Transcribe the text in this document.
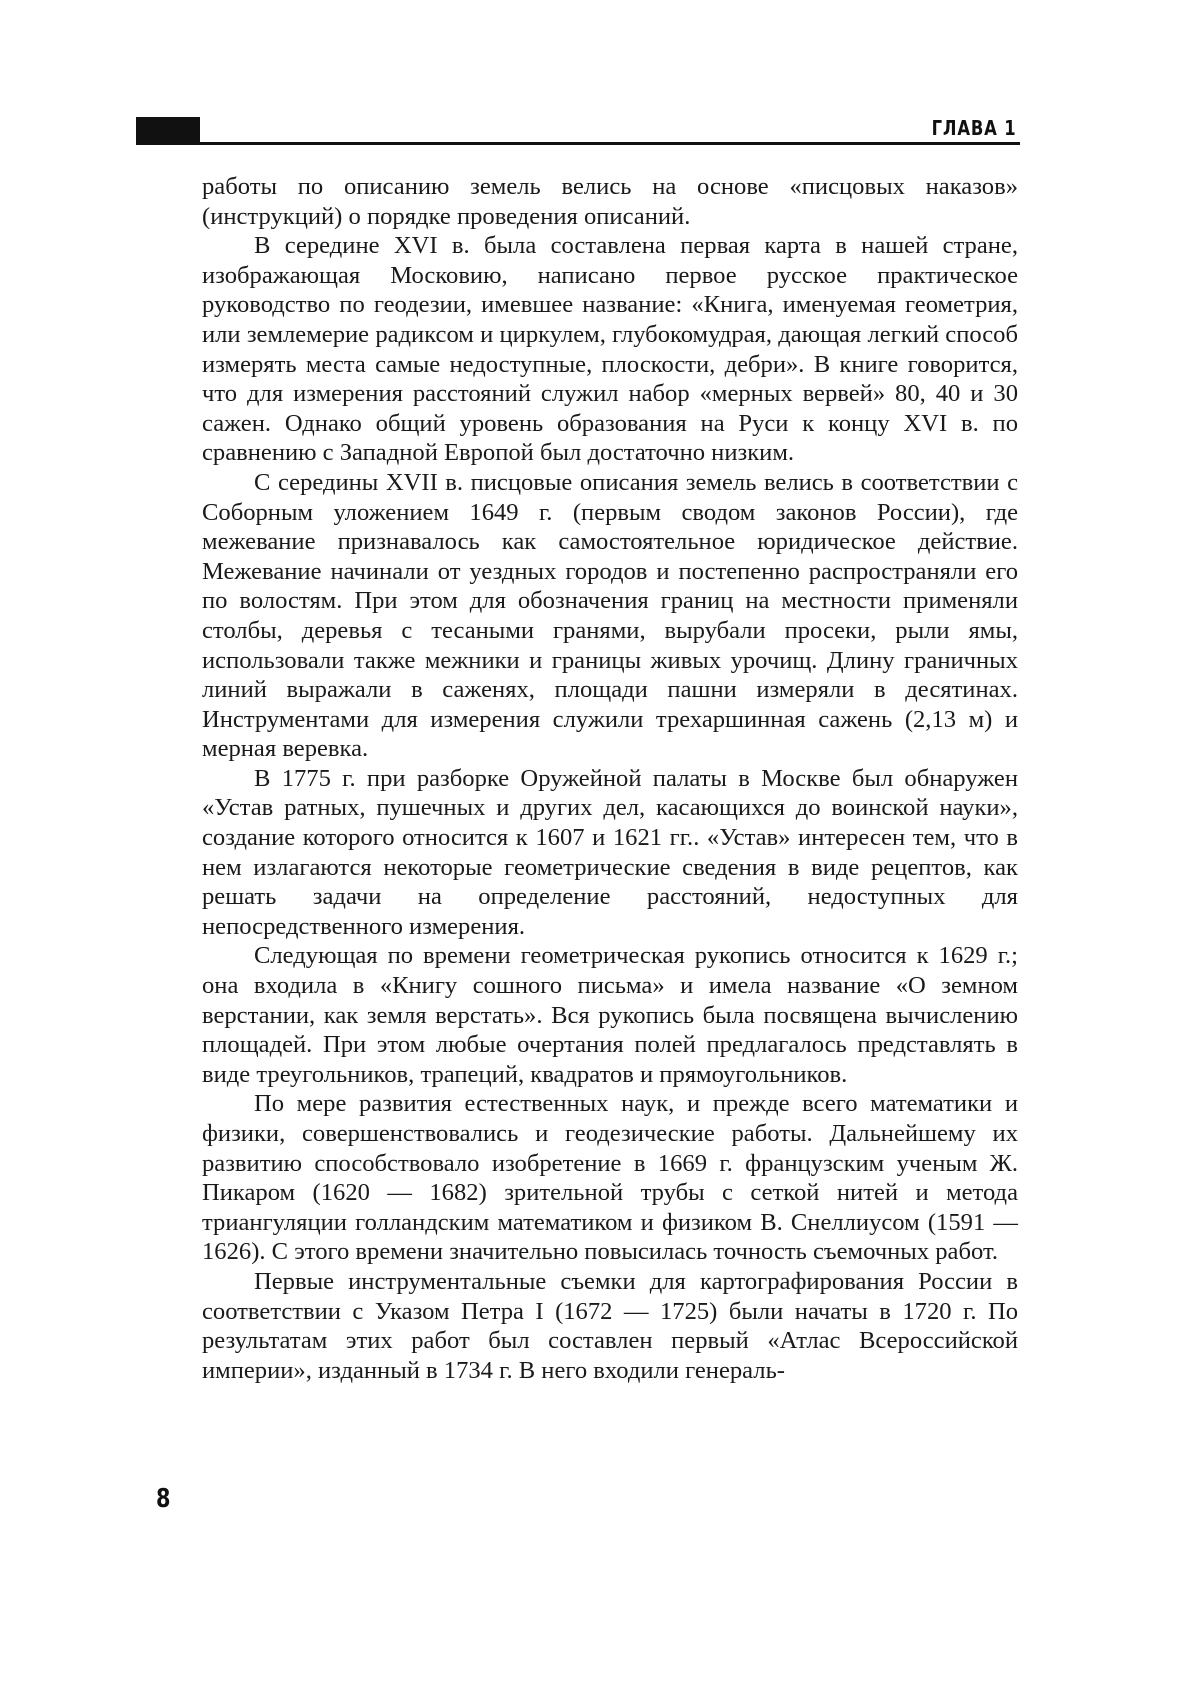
ГЛАВА 1

работы по описанию земель велись на основе «писцовых наказов» (инструкций) о порядке проведения описаний.

В середине XVI в. была составлена первая карта в нашей стране, изображающая Московию, написано первое русское практическое руководство по геодезии, имевшее название: «Книга, именуемая геометрия, или землемерие радиксом и циркулем, глубокомудрая, дающая легкий способ измерять места самые недоступные, плоскости, дебри». В книге говорится, что для измерения расстояний служил набор «мерных вервей» 80, 40 и 30 сажен. Однако общий уровень образования на Руси к концу XVI в. по сравнению с Западной Европой был достаточно низким.

С середины XVII в. писцовые описания земель велись в соответствии с Соборным уложением 1649 г. (первым сводом законов России), где межевание признавалось как самостоятельное юридическое действие. Межевание начинали от уездных городов и постепенно распространяли его по волостям. При этом для обозначения границ на местности применяли столбы, деревья с тесаными гранями, вырубали просеки, рыли ямы, использовали также межники и границы живых урочищ. Длину граничных линий выражали в саженях, площади пашни измеряли в десятинах. Инструментами для измерения служили трехаршинная сажень (2,13 м) и мерная веревка.

В 1775 г. при разборке Оружейной палаты в Москве был обнаружен «Устав ратных, пушечных и других дел, касающихся до воинской науки», создание которого относится к 1607 и 1621 гг.. «Устав» интересен тем, что в нем излагаются некоторые геометрические сведения в виде рецептов, как решать задачи на определение расстояний, недоступных для непосредственного измерения.

Следующая по времени геометрическая рукопись относится к 1629 г.; она входила в «Книгу сошного письма» и имела название «О земном верстании, как земля верстать». Вся рукопись была посвящена вычислению площадей. При этом любые очертания полей предлагалось представлять в виде треугольников, трапеций, квадратов и прямоугольников.

По мере развития естественных наук, и прежде всего математики и физики, совершенствовались и геодезические работы. Дальнейшему их развитию способствовало изобретение в 1669 г. французским ученым Ж. Пикаром (1620 — 1682) зрительной трубы с сеткой нитей и метода триангуляции голландским математиком и физиком В. Снеллиусом (1591 — 1626). С этого времени значительно повысилась точность съемочных работ.

Первые инструментальные съемки для картографирования России в соответствии с Указом Петра I (1672 — 1725) были начаты в 1720 г. По результатам этих работ был составлен первый «Атлас Всероссийской империи», изданный в 1734 г. В него входили генераль-

8
